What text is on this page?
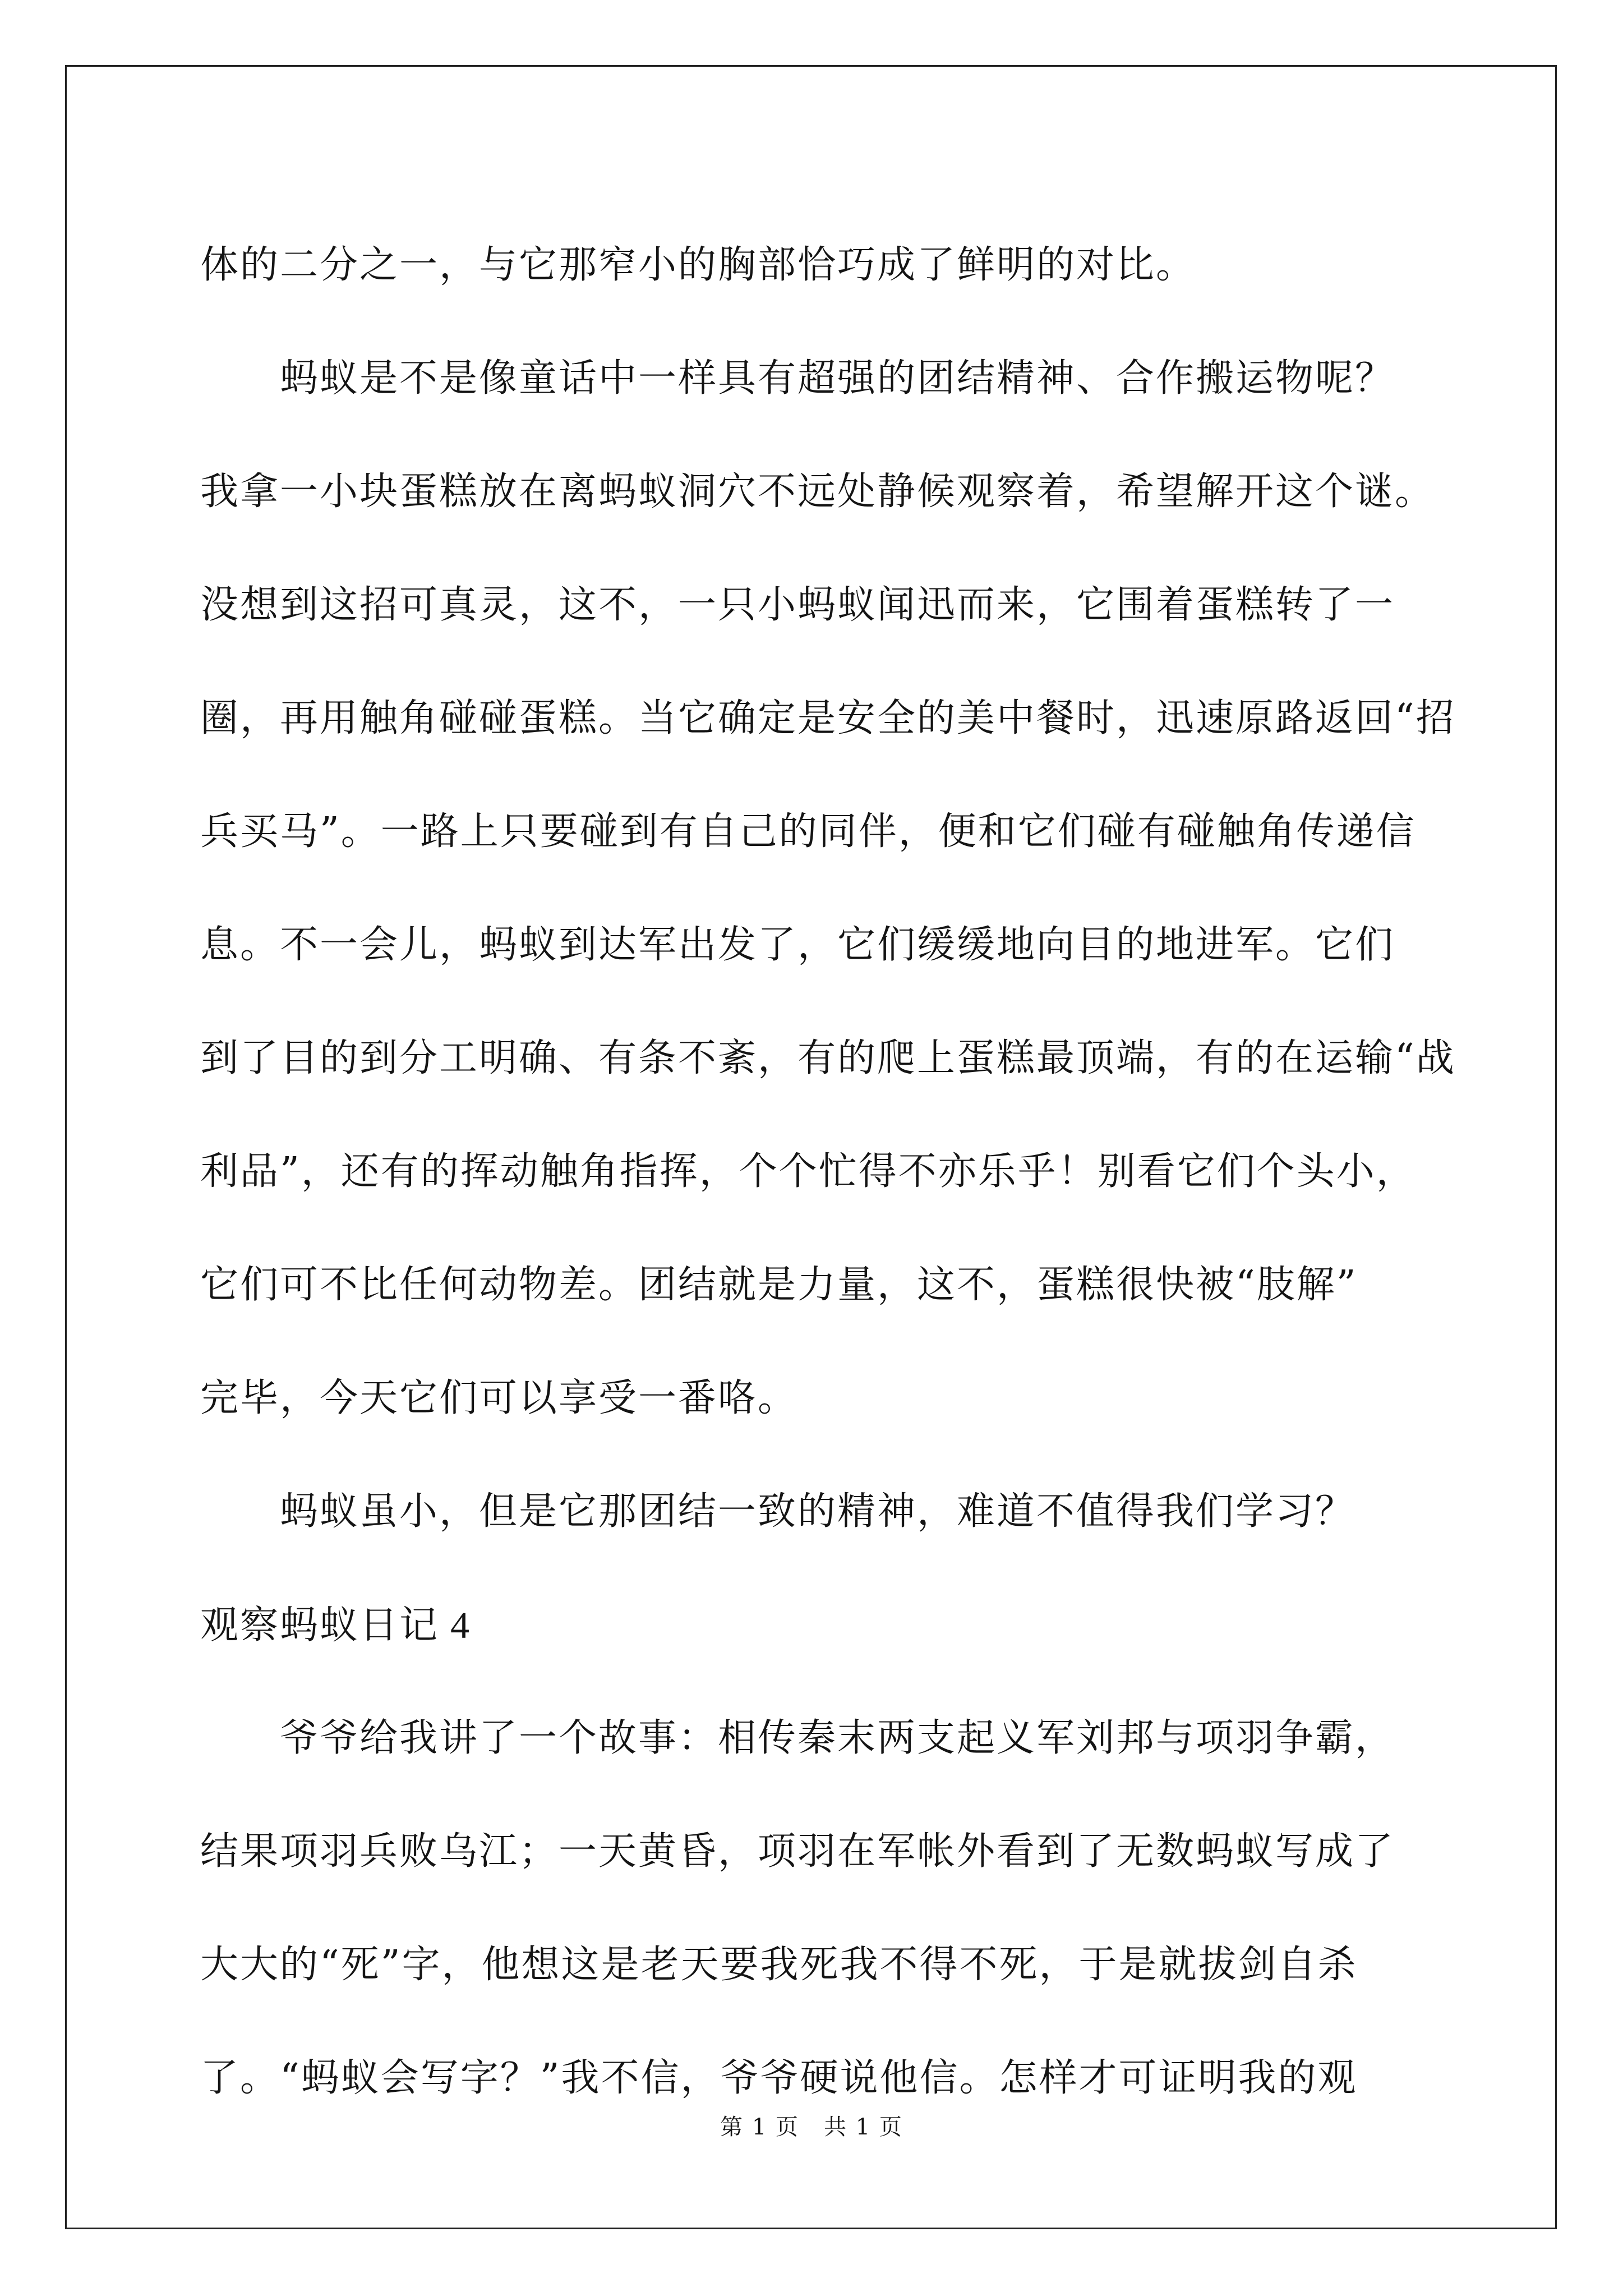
体的二分之一，与它那窄小的胸部恰巧成了鲜明的对比。
蚂蚁是不是像童话中一样具有超强的团结精神、合作搬运物呢？
我拿一小块蛋糕放在离蚂蚁洞穴不远处静候观察着，希望解开这个谜。
没想到这招可真灵，这不，一只小蚂蚁闻迅而来，它围着蛋糕转了一
圈，再用触角碰碰蛋糕。当它确定是安全的美中餐时，迅速原路返回“招
兵买马”。一路上只要碰到有自己的同伴，便和它们碰有碰触角传递信
息。不一会儿，蚂蚁到达军出发了，它们缓缓地向目的地进军。它们
到了目的到分工明确、有条不紊，有的爬上蛋糕最顶端，有的在运输“战
利品”，还有的挥动触角指挥，个个忙得不亦乐乎！别看它们个头小，
它们可不比任何动物差。团结就是力量，这不，蛋糕很快被“肢解”
完毕，今天它们可以享受一番咯。
蚂蚁虽小，但是它那团结一致的精神，难道不值得我们学习？
观察蚂蚁日记 4
爷爷给我讲了一个故事：相传秦末两支起义军刘邦与项羽争霸，
结果项羽兵败乌江；一天黄昏，项羽在军帐外看到了无数蚂蚁写成了
大大的“死”字，他想这是老天要我死我不得不死，于是就拔剑自杀
了。“蚂蚁会写字？”我不信，爷爷硬说他信。怎样才可证明我的观
第 1 页 共 1 页
